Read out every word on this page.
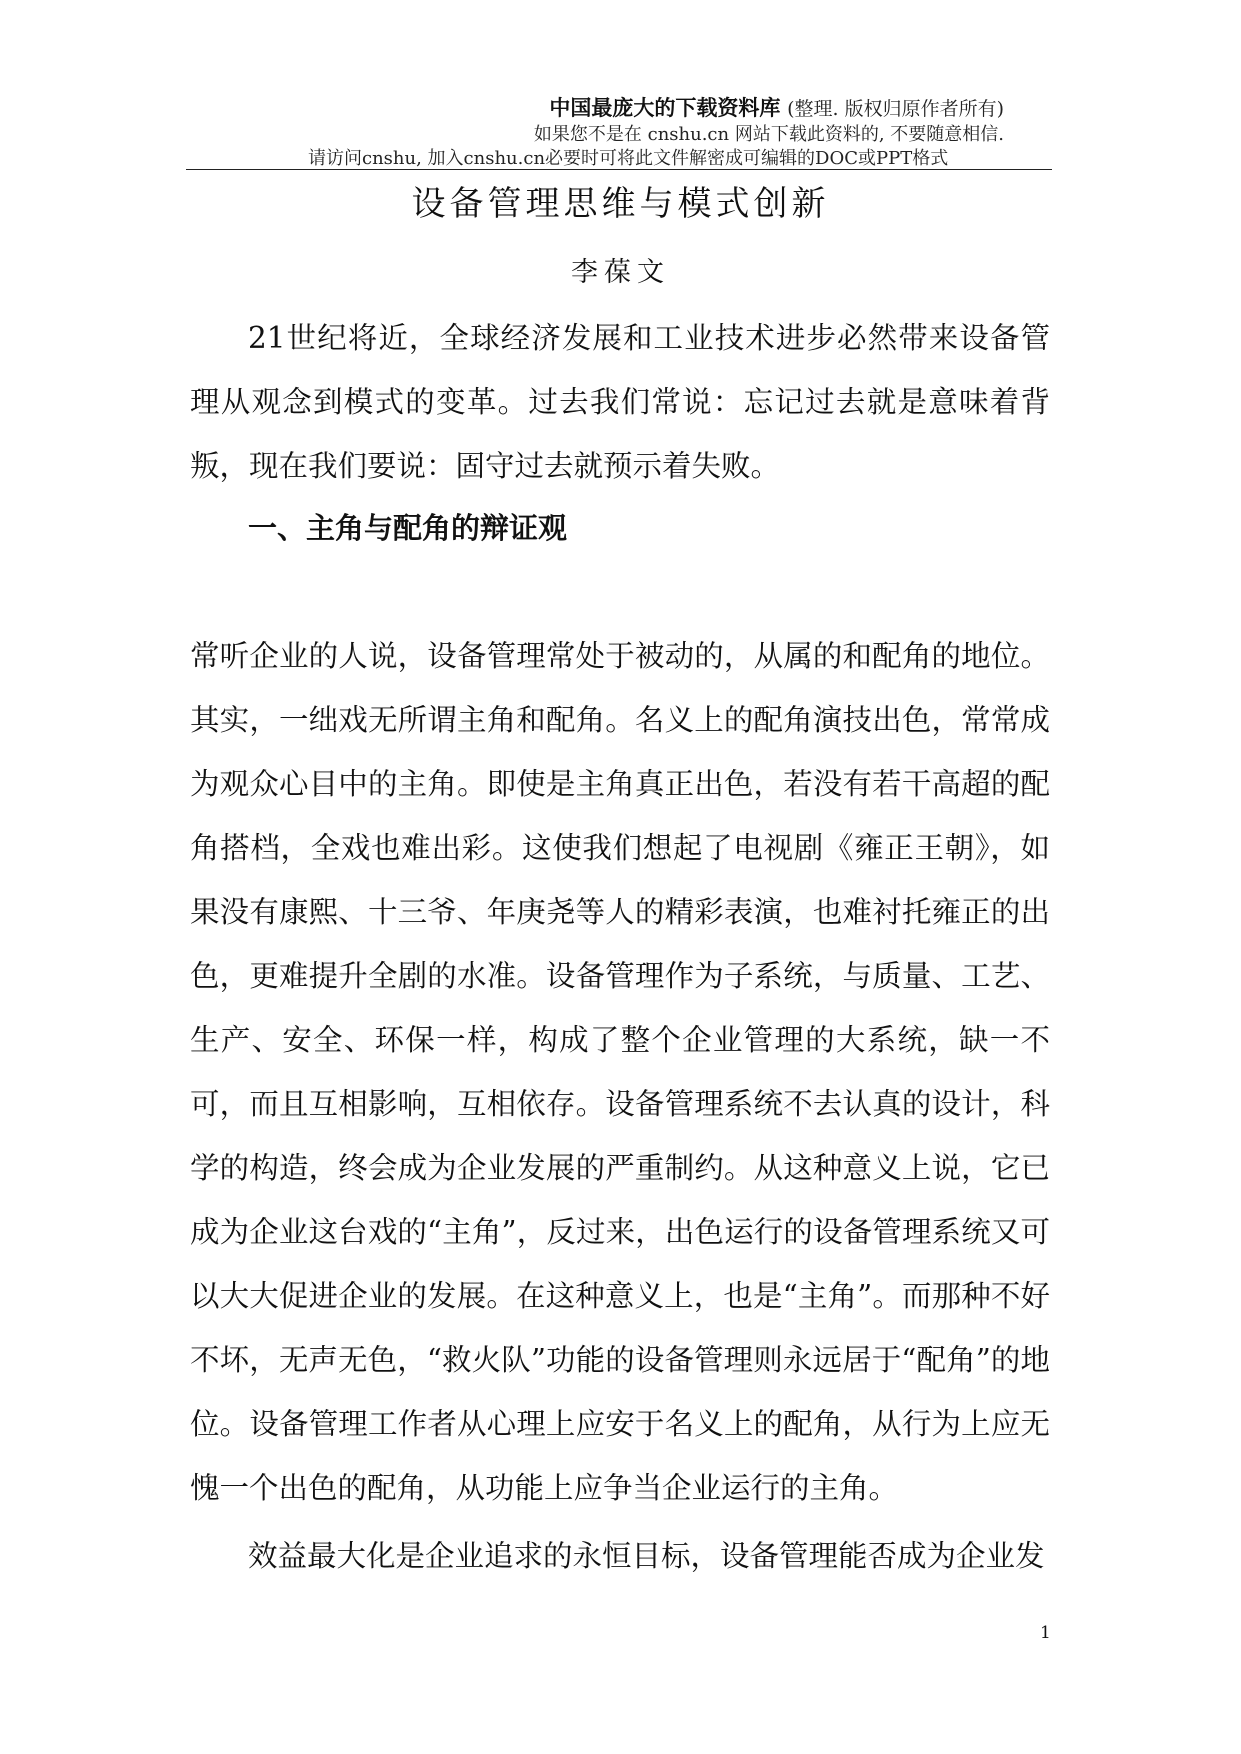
中国最庞大的下载资料库 (整理. 版权归原作者所有)
如果您不是在 cnshu.cn 网站下载此资料的, 不要随意相信.
请访问cnshu, 加入cnshu.cn必要时可将此文件解密成可编辑的DOC或PPT格式
设备管理思维与模式创新
李葆文
21世纪将近，全球经济发展和工业技术进步必然带来设备管理从观念到模式的变革。过去我们常说：忘记过去就是意味着背叛，现在我们要说：固守过去就预示着失败。
一、主角与配角的辩证观
常听企业的人说，设备管理常处于被动的，从属的和配角的地位。其实，一绌戏无所谓主角和配角。名义上的配角演技出色，常常成为观众心目中的主角。即使是主角真正出色，若没有若干高超的配角搭档，全戏也难出彩。这使我们想起了电视剧《雍正王朝》，如果没有康熙、十三爷、年庚尧等人的精彩表演，也难衬托雍正的出色，更难提升全剧的水准。设备管理作为子系统，与质量、工艺、生产、安全、环保一样，构成了整个企业管理的大系统，缺一不可，而且互相影响，互相依存。设备管理系统不去认真的设计，科学的构造，终会成为企业发展的严重制约。从这种意义上说，它已成为企业这台戏的“主角”，反过来，出色运行的设备管理系统又可以大大促进企业的发展。在这种意义上，也是“主角”。而那种不好不坏，无声无色，“救火队”功能的设备管理则永远居于“配角”的地位。设备管理工作者从心理上应安于名义上的配角，从行为上应无愧一个出色的配角，从功能上应争当企业运行的主角。
效益最大化是企业追求的永恒目标，设备管理能否成为企业发
1
